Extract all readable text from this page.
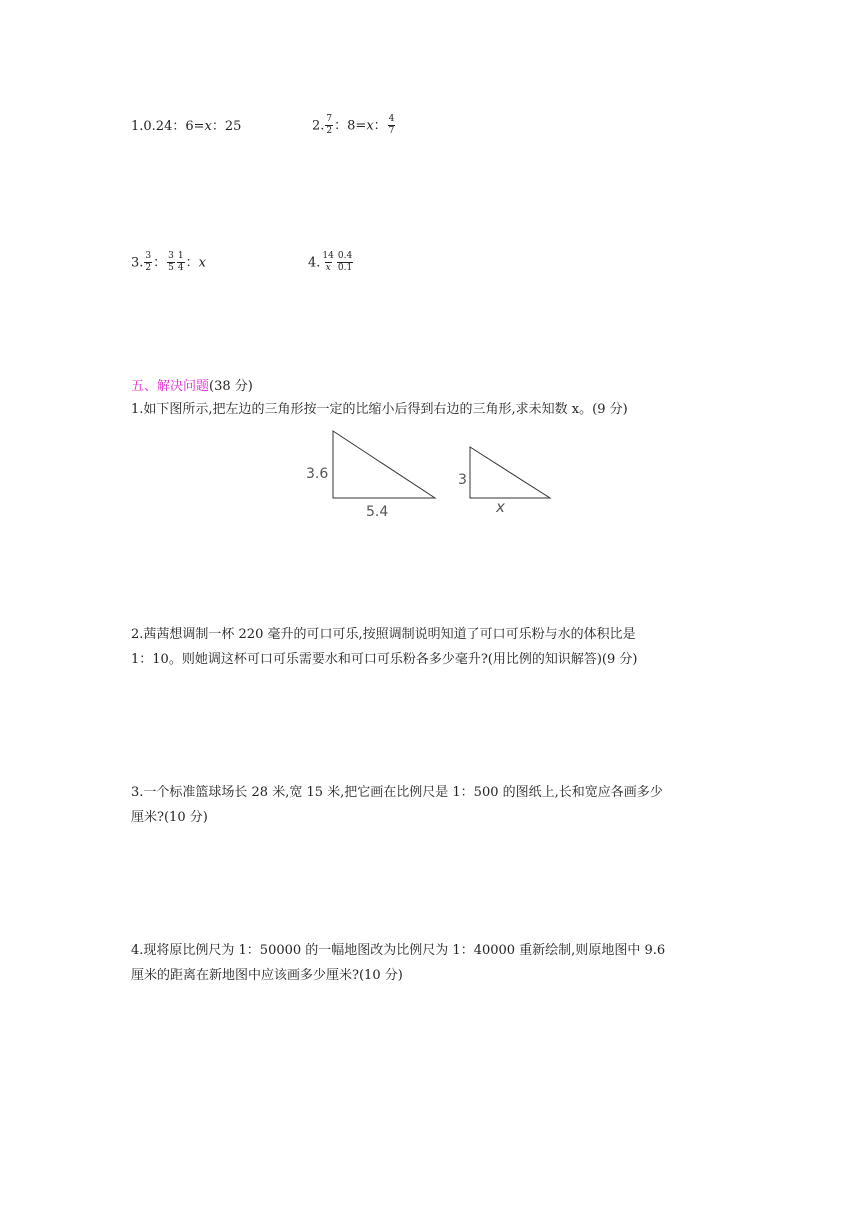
1.0.24：6=x：25	2. $\frac{7}{2}$ ：8=x： $\frac{4}{7}$
3. $\frac{3}{2}$ ： $\frac{3}{5} \frac{1}{4}$ ：x	4. $\frac{14}{x} \frac{0.4}{0.1}$
五、解决问题(38 分)
1.如下图所示,把左边的三角形按一定的比缩小后得到右边的三角形,求未知数 x。(9 分)
3.6
5.4
3
x
2.茜茜想调制一杯 220 毫升的可口可乐,按照调制说明知道了可口可乐粉与水的体积比是
1：10。则她调这杯可口可乐需要水和可口可乐粉各多少毫升?(用比例的知识解答)(9 分)
3.一个标准篮球场长 28 米,宽 15 米,把它画在比例尺是 1：500 的图纸上,长和宽应各画多少
厘米?(10 分)
4.现将原比例尺为 1：50000 的一幅地图改为比例尺为 1：40000 重新绘制,则原地图中 9.6
厘米的距离在新地图中应该画多少厘米?(10 分)
